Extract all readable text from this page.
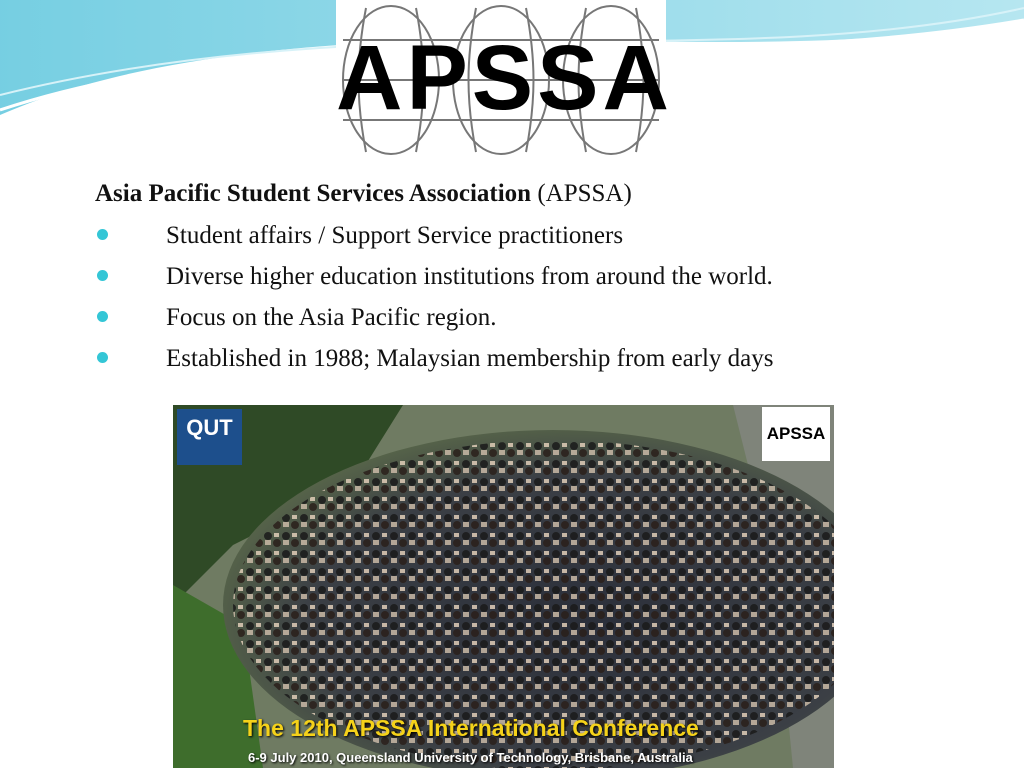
APSSA
Asia Pacific Student Services Association (APSSA)
Student affairs / Support Service practitioners
Diverse higher education institutions from around the world.
Focus on the Asia Pacific region.
Established in 1988; Malaysian membership from early days
QUT	APSSA
The 12th APSSA International Conference
6-9 July 2010, Queensland University of Technology, Brisbane, Australia
